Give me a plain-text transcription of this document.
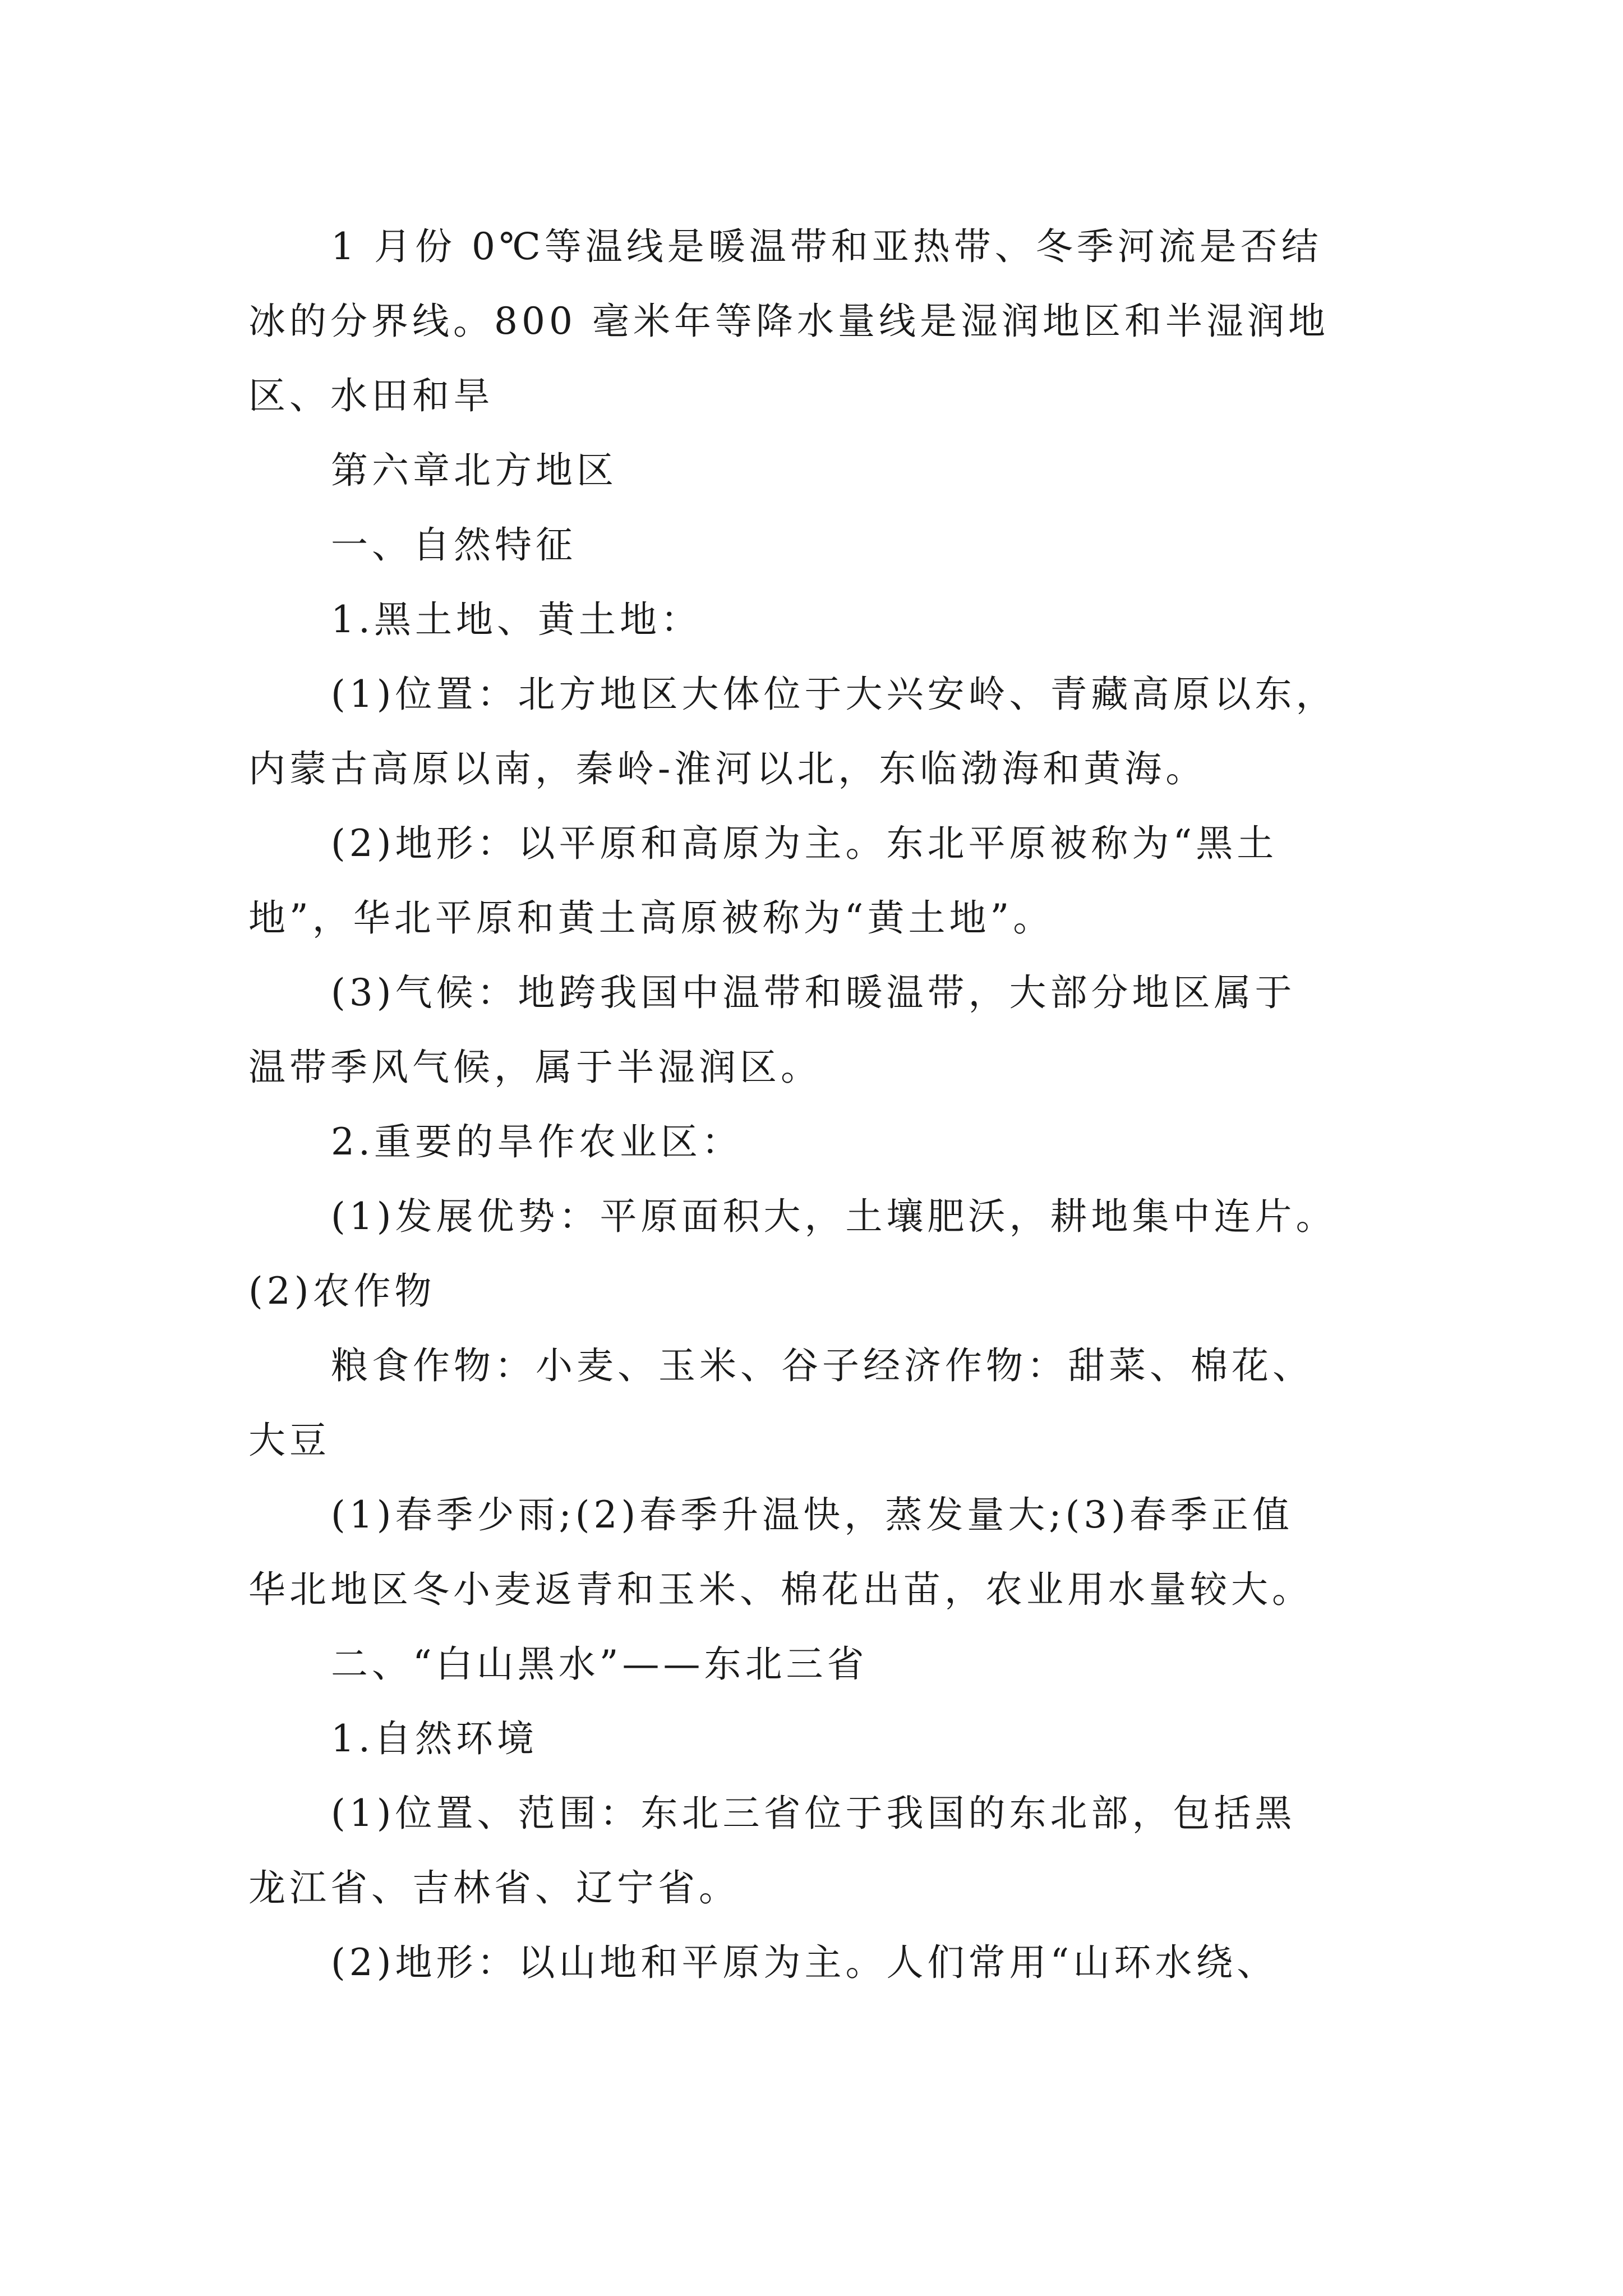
1 月份 0℃等温线是暖温带和亚热带、冬季河流是否结
冰的分界线。800 毫米年等降水量线是湿润地区和半湿润地
区、水田和旱
第六章北方地区
一、自然特征
1.黑土地、黄土地：
(1)位置：北方地区大体位于大兴安岭、青藏高原以东，
内蒙古高原以南，秦岭-淮河以北，东临渤海和黄海。
(2)地形：以平原和高原为主。东北平原被称为“黑土
地”，华北平原和黄土高原被称为“黄土地”。
(3)气候：地跨我国中温带和暖温带，大部分地区属于
温带季风气候，属于半湿润区。
2.重要的旱作农业区：
(1)发展优势：平原面积大，土壤肥沃，耕地集中连片。
(2)农作物
粮食作物：小麦、玉米、谷子经济作物：甜菜、棉花、
大豆
(1)春季少雨;(2)春季升温快，蒸发量大;(3)春季正值
华北地区冬小麦返青和玉米、棉花出苗，农业用水量较大。
二、“白山黑水”——东北三省
1.自然环境
(1)位置、范围：东北三省位于我国的东北部，包括黑
龙江省、吉林省、辽宁省。
(2)地形：以山地和平原为主。人们常用“山环水绕、
